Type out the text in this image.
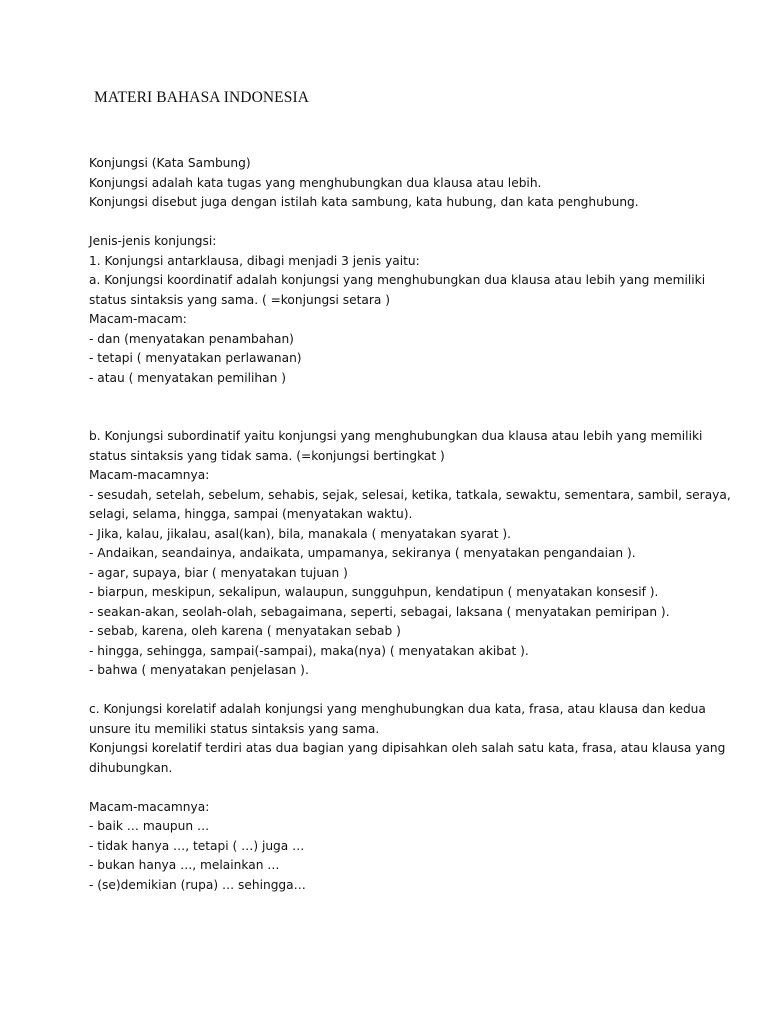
MATERI BAHASA INDONESIA
Konjungsi (Kata Sambung)
Konjungsi adalah kata tugas yang menghubungkan dua klausa atau lebih.
Konjungsi disebut juga dengan istilah kata sambung, kata hubung, dan kata penghubung.
Jenis-jenis konjungsi:
1. Konjungsi antarklausa, dibagi menjadi 3 jenis yaitu:
a. Konjungsi koordinatif adalah konjungsi yang menghubungkan dua klausa atau lebih yang memiliki
status sintaksis yang sama. ( =konjungsi setara )
Macam-macam:
- dan (menyatakan penambahan)
- tetapi ( menyatakan perlawanan)
- atau ( menyatakan pemilihan )
b. Konjungsi subordinatif yaitu konjungsi yang menghubungkan dua klausa atau lebih yang memiliki
status sintaksis yang tidak sama. (=konjungsi bertingkat )
Macam-macamnya:
- sesudah, setelah, sebelum, sehabis, sejak, selesai, ketika, tatkala, sewaktu, sementara, sambil, seraya,
selagi, selama, hingga, sampai (menyatakan waktu).
- Jika, kalau, jikalau, asal(kan), bila, manakala ( menyatakan syarat ).
- Andaikan, seandainya, andaikata, umpamanya, sekiranya ( menyatakan pengandaian ).
- agar, supaya, biar ( menyatakan tujuan )
- biarpun, meskipun, sekalipun, walaupun, sungguhpun, kendatipun ( menyatakan konsesif ).
- seakan-akan, seolah-olah, sebagaimana, seperti, sebagai, laksana ( menyatakan pemiripan ).
- sebab, karena, oleh karena ( menyatakan sebab )
- hingga, sehingga, sampai(-sampai), maka(nya) ( menyatakan akibat ).
- bahwa ( menyatakan penjelasan ).
c. Konjungsi korelatif adalah konjungsi yang menghubungkan dua kata, frasa, atau klausa dan kedua
unsure itu memiliki status sintaksis yang sama.
Konjungsi korelatif terdiri atas dua bagian yang dipisahkan oleh salah satu kata, frasa, atau klausa yang
dihubungkan.
Macam-macamnya:
- baik … maupun …
- tidak hanya …, tetapi ( …) juga …
- bukan hanya …, melainkan …
- (se)demikian (rupa) … sehingga…
